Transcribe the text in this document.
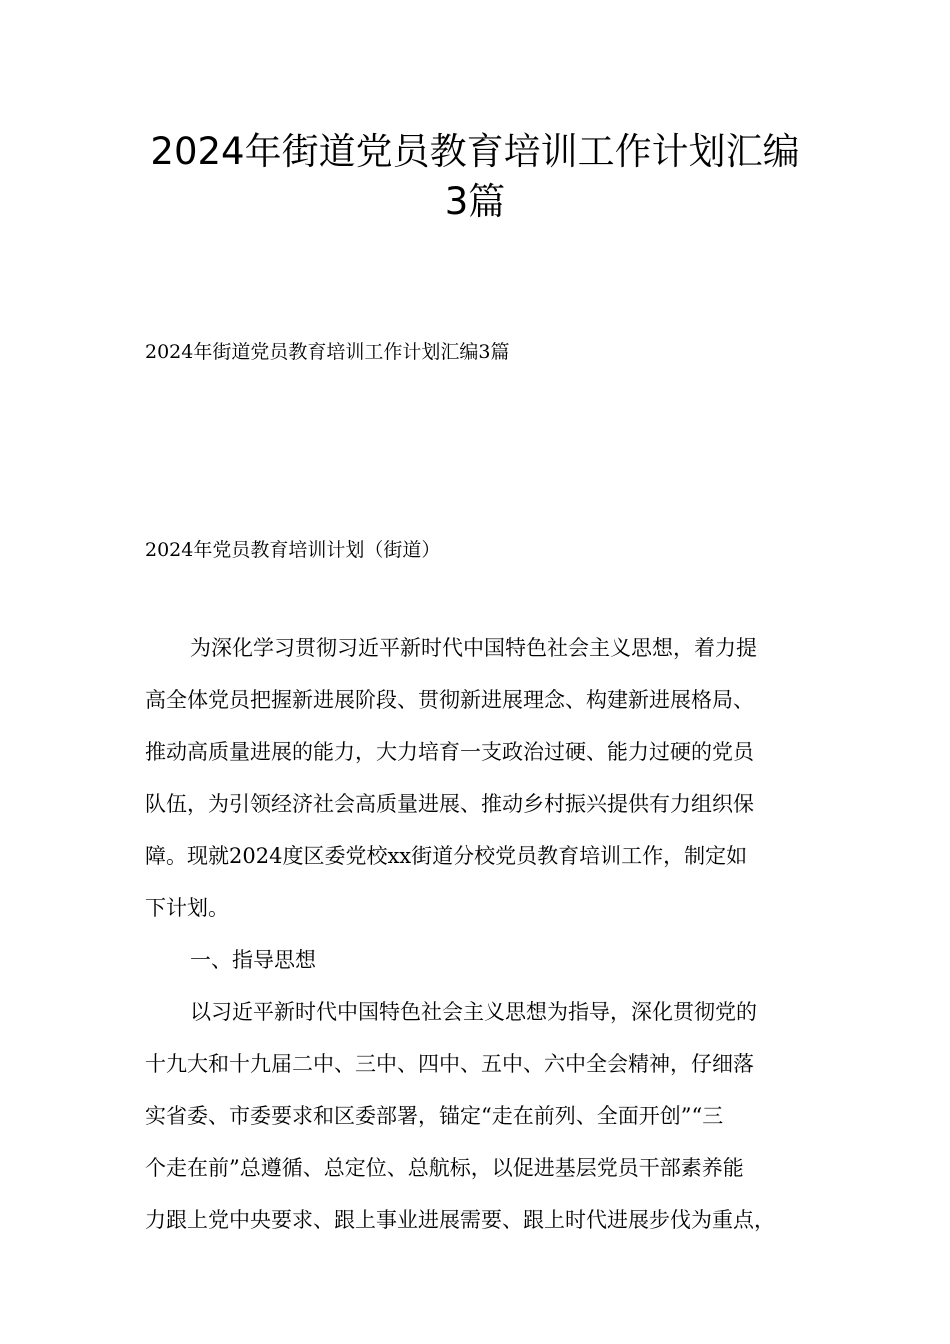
2024年街道党员教育培训工作计划汇编
3篇
2024年街道党员教育培训工作计划汇编3篇
2024年党员教育培训计划（街道）
为深化学习贯彻习近平新时代中国特色社会主义思想，着力提
高全体党员把握新进展阶段、贯彻新进展理念、构建新进展格局、
推动高质量进展的能力，大力培育一支政治过硬、能力过硬的党员
队伍，为引领经济社会高质量进展、推动乡村振兴提供有力组织保
障。现就2024度区委党校xx街道分校党员教育培训工作，制定如
下计划。
一、指导思想
以习近平新时代中国特色社会主义思想为指导，深化贯彻党的
十九大和十九届二中、三中、四中、五中、六中全会精神，仔细落
实省委、市委要求和区委部署，锚定“走在前列、全面开创”“三
个走在前”总遵循、总定位、总航标，以促进基层党员干部素养能
力跟上党中央要求、跟上事业进展需要、跟上时代进展步伐为重点，
